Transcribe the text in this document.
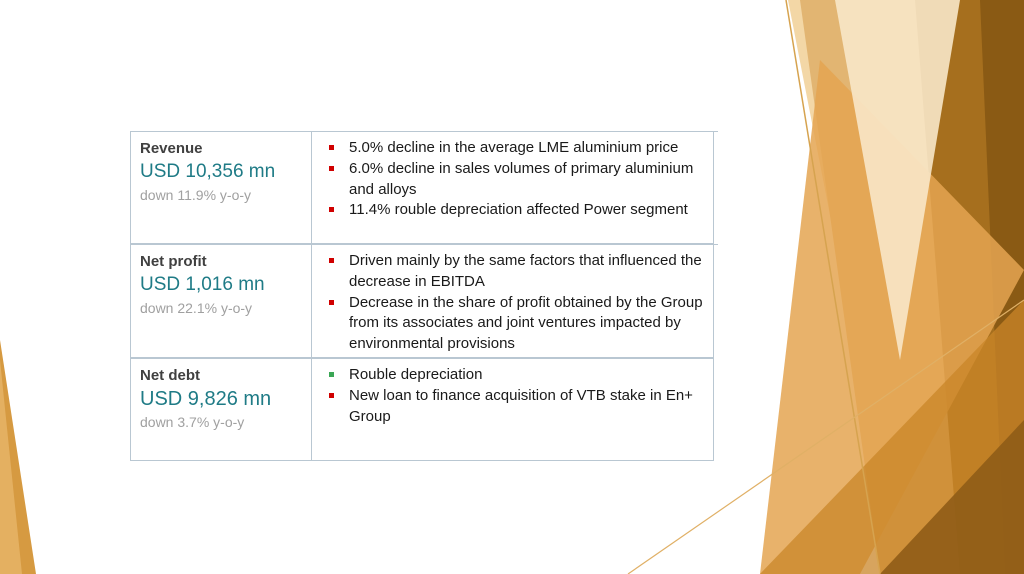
Revenue
USD 10,356 mn
down 11.9% y-o-y
5.0% decline in the average LME aluminium price
6.0% decline in sales volumes of primary aluminium and alloys
11.4% rouble depreciation affected Power segment
Net profit
USD 1,016 mn
down 22.1% y-o-y
Driven mainly by the same factors that influenced the decrease in EBITDA
Decrease in the share of profit obtained by the Group from its associates and joint ventures impacted by environmental provisions
Net debt
USD 9,826 mn
down 3.7% y-o-y
Rouble depreciation
New loan to finance acquisition of VTB stake in En+ Group
